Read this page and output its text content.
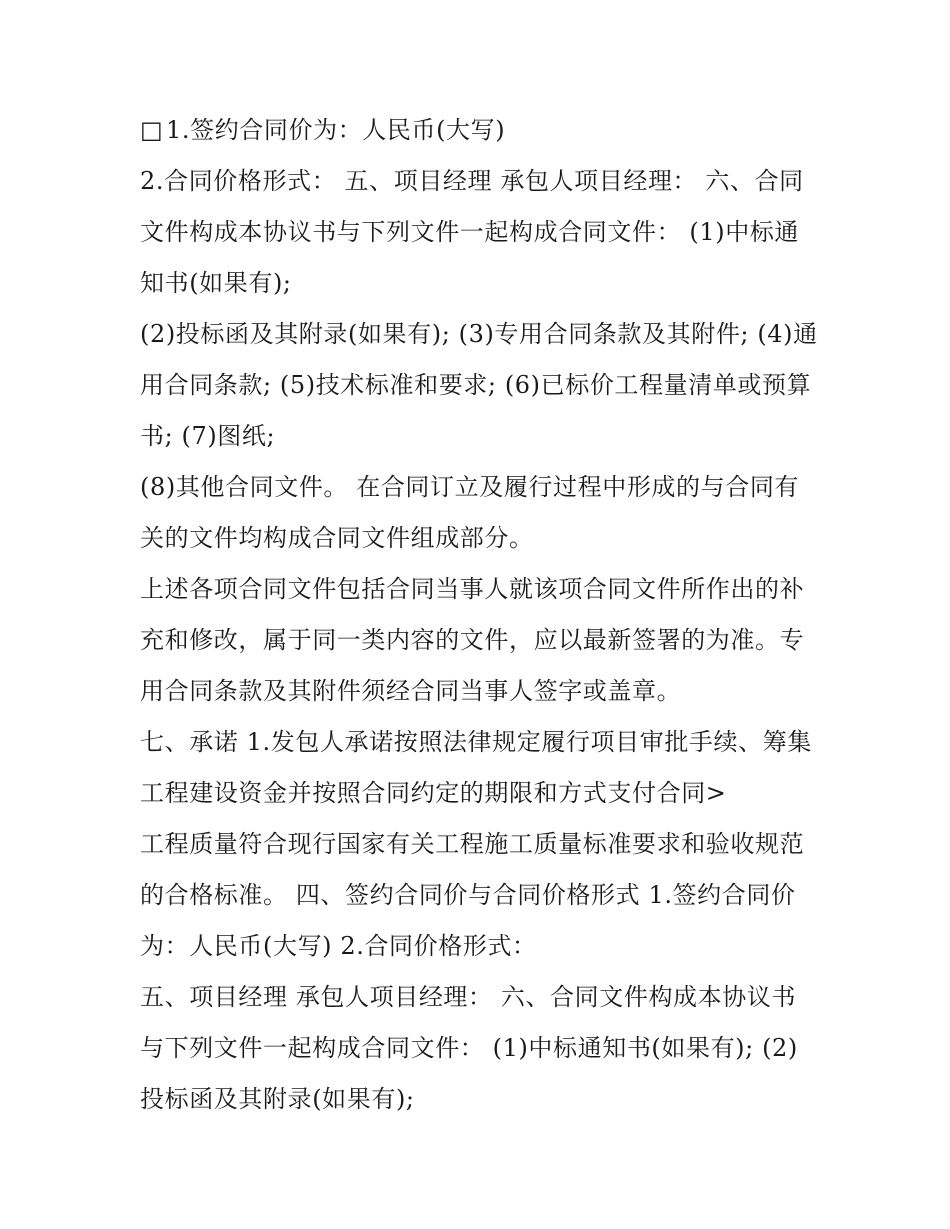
□ 1.签约合同价为：人民币(大写)

2.合同价格形式： 五、项目经理 承包人项目经理： 六、合同文件构成本协议书与下列文件一起构成合同文件： (1)中标通知书(如果有);

(2)投标函及其附录(如果有); (3)专用合同条款及其附件; (4)通用合同条款; (5)技术标准和要求; (6)已标价工程量清单或预算书; (7)图纸;

(8)其他合同文件。 在合同订立及履行过程中形成的与合同有关的文件均构成合同文件组成部分。

上述各项合同文件包括合同当事人就该项合同文件所作出的补充和修改，属于同一类内容的文件，应以最新签署的为准。专用合同条款及其附件须经合同当事人签字或盖章。

七、承诺 1.发包人承诺按照法律规定履行项目审批手续、筹集工程建设资金并按照合同约定的期限和方式支付合同>

工程质量符合现行国家有关工程施工质量标准要求和验收规范的合格标准。 四、签约合同价与合同价格形式 1.签约合同价为：人民币(大写) 2.合同价格形式：

五、项目经理 承包人项目经理： 六、合同文件构成本协议书与下列文件一起构成合同文件： (1)中标通知书(如果有); (2)投标函及其附录(如果有);
